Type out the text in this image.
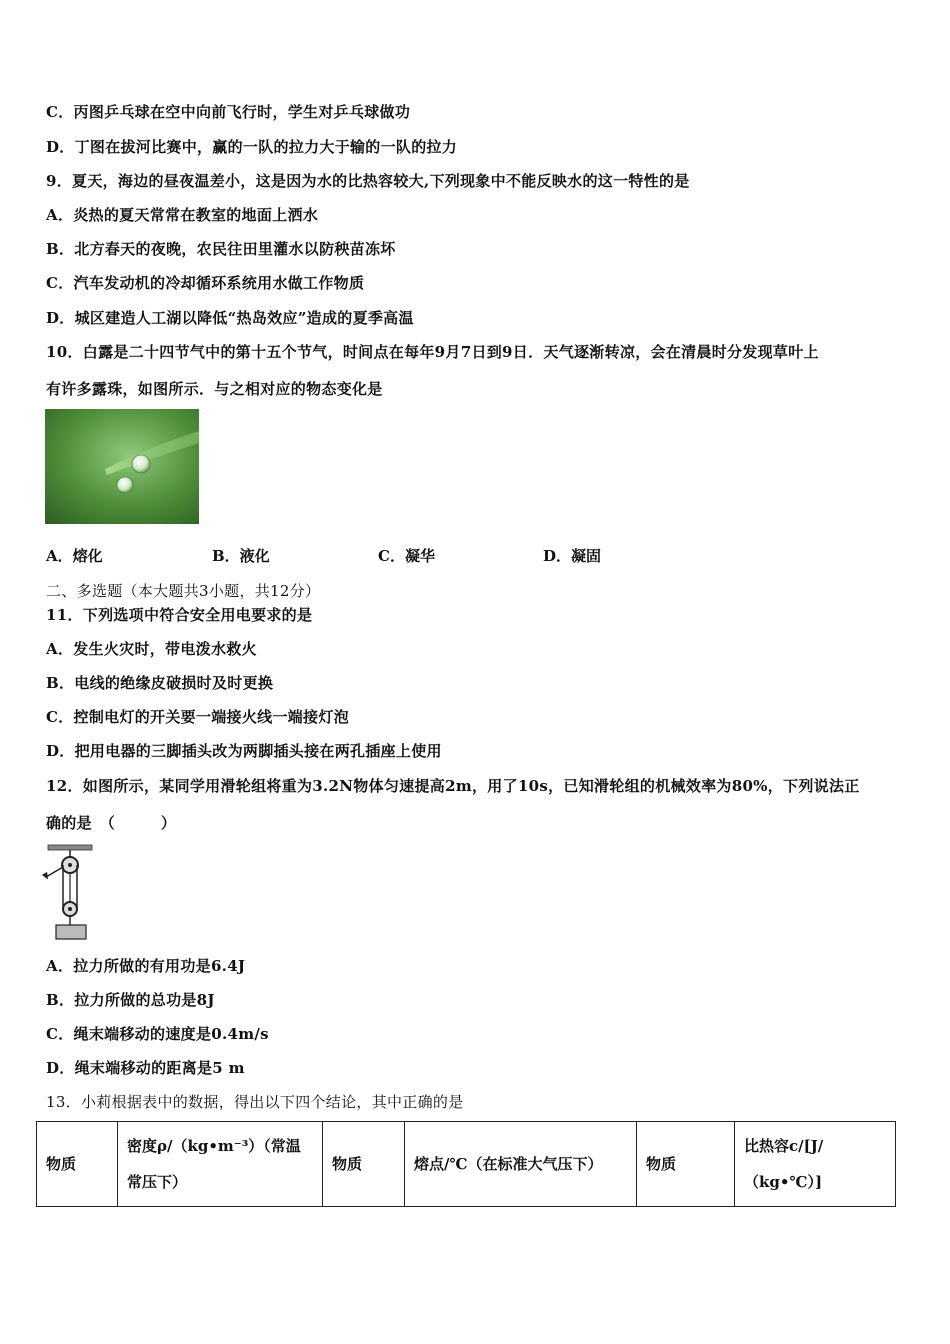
C．丙图乒乓球在空中向前飞行时，学生对乒乓球做功
D．丁图在拔河比赛中，赢的一队的拉力大于输的一队的拉力
9．夏天，海边的昼夜温差小，这是因为水的比热容较大,下列现象中不能反映水的这一特性的是
A．炎热的夏天常常在教室的地面上洒水
B．北方春天的夜晚，农民往田里灌水以防秧苗冻坏
C．汽车发动机的冷却循环系统用水做工作物质
D．城区建造人工湖以降低“热岛效应”造成的夏季高温
10．白露是二十四节气中的第十五个节气，时间点在每年9月7日到9日．天气逐渐转凉，会在清晨时分发现草叶上
有许多露珠，如图所示．与之相对应的物态变化是
A．熔化	B．液化	C．凝华	D．凝固
二、多选题（本大题共3小题，共12分）
11．下列选项中符合安全用电要求的是
A．发生火灾时，带电泼水救火
B．电线的绝缘皮破损时及时更换
C．控制电灯的开关要一端接火线一端接灯泡
D．把用电器的三脚插头改为两脚插头接在两孔插座上使用
12．如图所示，某同学用滑轮组将重为3.2N物体匀速提高2m，用了10s，已知滑轮组的机械效率为80%，下列说法正
确的是　（　　　）
A．拉力所做的有用功是6.4J
B．拉力所做的总功是8J
C．绳末端移动的速度是0.4m/s
D．绳末端移动的距离是5 m
13．小莉根据表中的数据，得出以下四个结论，其中正确的是
物质	密度ρ/（kg•m⁻³）（常温常压下）	物质	熔点/℃（在标准大气压下）	物质	比热容c/[J/（kg•℃）]
